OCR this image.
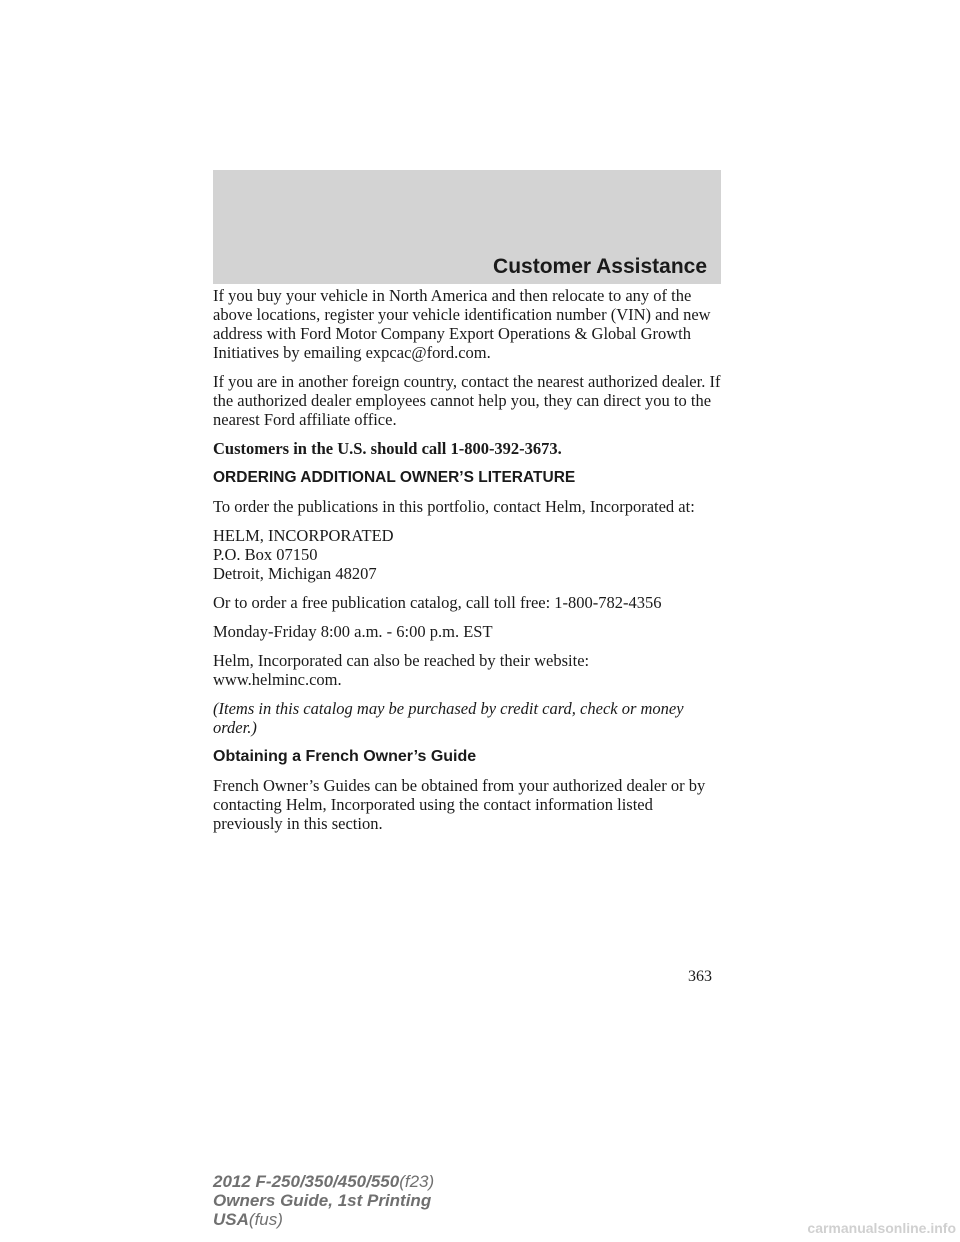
Customer Assistance

If you buy your vehicle in North America and then relocate to any of the above locations, register your vehicle identification number (VIN) and new address with Ford Motor Company Export Operations & Global Growth Initiatives by emailing expcac@ford.com.

If you are in another foreign country, contact the nearest authorized dealer. If the authorized dealer employees cannot help you, they can direct you to the nearest Ford affiliate office.

Customers in the U.S. should call 1-800-392-3673.

ORDERING ADDITIONAL OWNER’S LITERATURE

To order the publications in this portfolio, contact Helm, Incorporated at:

HELM, INCORPORATED
P.O. Box 07150
Detroit, Michigan 48207

Or to order a free publication catalog, call toll free: 1-800-782-4356

Monday-Friday 8:00 a.m. - 6:00 p.m. EST

Helm, Incorporated can also be reached by their website:
www.helminc.com.

(Items in this catalog may be purchased by credit card, check or money order.)

Obtaining a French Owner’s Guide

French Owner’s Guides can be obtained from your authorized dealer or by contacting Helm, Incorporated using the contact information listed previously in this section.

363
2012 F-250/350/450/550(f23)
Owners Guide, 1st Printing
USA(fus)	carmanualsonline.info
